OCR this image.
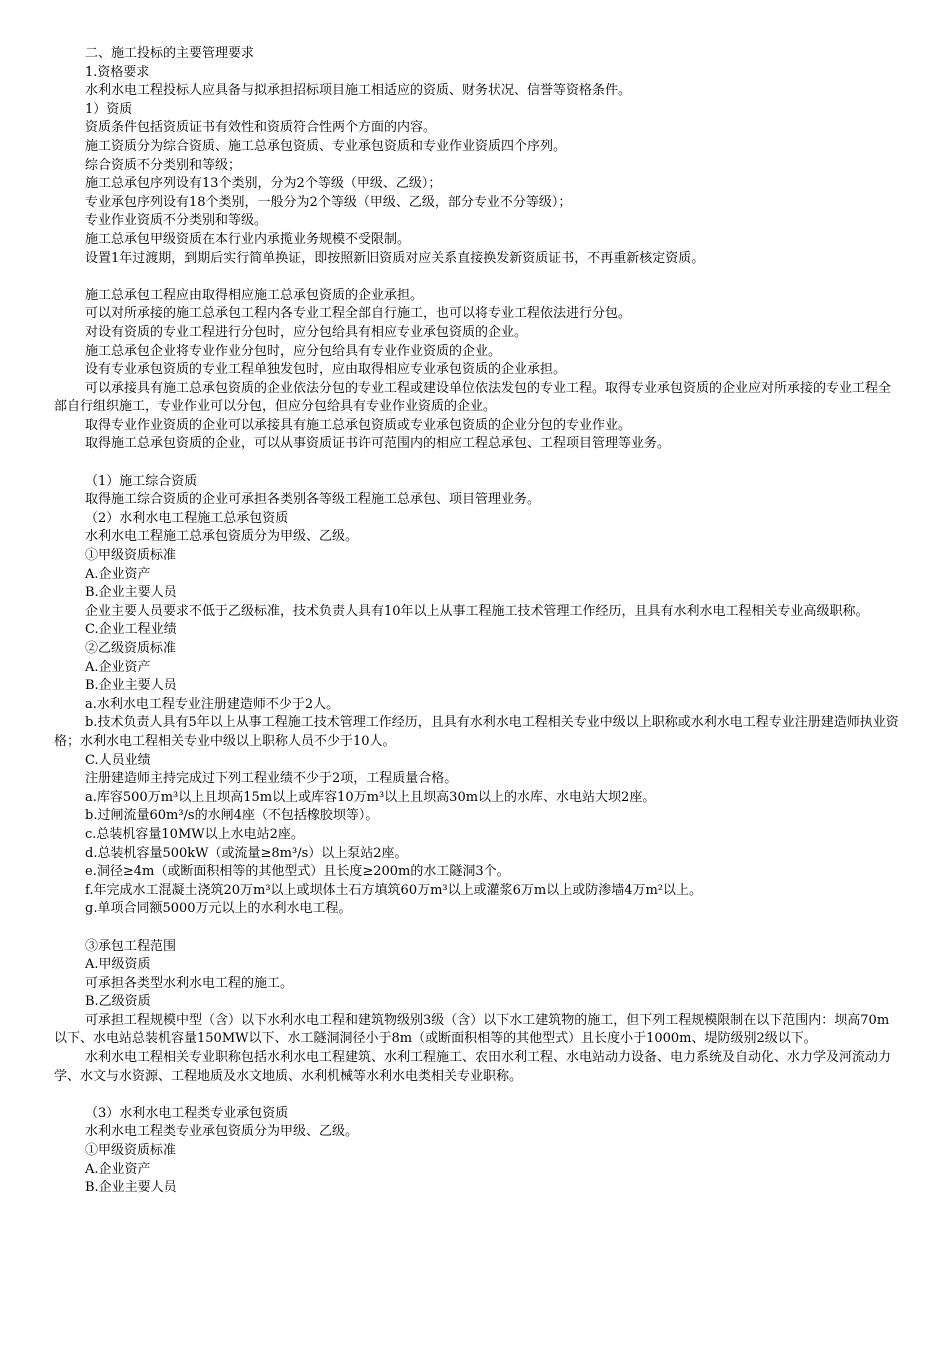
二、施工投标的主要管理要求
1.资格要求
水利水电工程投标人应具备与拟承担招标项目施工相适应的资质、财务状况、信誉等资格条件。
1）资质
资质条件包括资质证书有效性和资质符合性两个方面的内容。
施工资质分为综合资质、施工总承包资质、专业承包资质和专业作业资质四个序列。
综合资质不分类别和等级；
施工总承包序列设有13个类别，分为2个等级（甲级、乙级）；
专业承包序列设有18个类别，一般分为2个等级（甲级、乙级，部分专业不分等级）；
专业作业资质不分类别和等级。
施工总承包甲级资质在本行业内承揽业务规模不受限制。
设置1年过渡期，到期后实行简单换证，即按照新旧资质对应关系直接换发新资质证书，不再重新核定资质。
施工总承包工程应由取得相应施工总承包资质的企业承担。
可以对所承接的施工总承包工程内各专业工程全部自行施工，也可以将专业工程依法进行分包。
对设有资质的专业工程进行分包时，应分包给具有相应专业承包资质的企业。
施工总承包企业将专业作业分包时，应分包给具有专业作业资质的企业。
设有专业承包资质的专业工程单独发包时，应由取得相应专业承包资质的企业承担。
可以承接具有施工总承包资质的企业依法分包的专业工程或建设单位依法发包的专业工程。取得专业承包资质的企业应对所承接的专业工程全部自行组织施工，专业作业可以分包，但应分包给具有专业作业资质的企业。
取得专业作业资质的企业可以承接具有施工总承包资质或专业承包资质的企业分包的专业作业。
取得施工总承包资质的企业，可以从事资质证书许可范围内的相应工程总承包、工程项目管理等业务。
（1）施工综合资质
取得施工综合资质的企业可承担各类别各等级工程施工总承包、项目管理业务。
（2）水利水电工程施工总承包资质
水利水电工程施工总承包资质分为甲级、乙级。
①甲级资质标准
A.企业资产
B.企业主要人员
企业主要人员要求不低于乙级标准，技术负责人具有10年以上从事工程施工技术管理工作经历，且具有水利水电工程相关专业高级职称。
C.企业工程业绩
②乙级资质标准
A.企业资产
B.企业主要人员
a.水利水电工程专业注册建造师不少于2人。
b.技术负责人具有5年以上从事工程施工技术管理工作经历，且具有水利水电工程相关专业中级以上职称或水利水电工程专业注册建造师执业资格；水利水电工程相关专业中级以上职称人员不少于10人。
C.人员业绩
注册建造师主持完成过下列工程业绩不少于2项，工程质量合格。
a.库容500万m³以上且坝高15m以上或库容10万m³以上且坝高30m以上的水库、水电站大坝2座。
b.过闸流量60m³/s的水闸4座（不包括橡胶坝等）。
c.总装机容量10MW以上水电站2座。
d.总装机容量500kW（或流量≥8m³/s）以上泵站2座。
e.洞径≥4m（或断面积相等的其他型式）且长度≥200m的水工隧洞3个。
f.年完成水工混凝土浇筑20万m³以上或坝体土石方填筑60万m³以上或灌浆6万m以上或防渗墙4万m²以上。
g.单项合同额5000万元以上的水利水电工程。
③承包工程范围
A.甲级资质
可承担各类型水利水电工程的施工。
B.乙级资质
可承担工程规模中型（含）以下水利水电工程和建筑物级别3级（含）以下水工建筑物的施工，但下列工程规模限制在以下范围内：坝高70m以下、水电站总装机容量150MW以下、水工隧洞洞径小于8m（或断面积相等的其他型式）且长度小于1000m、堤防级别2级以下。
水利水电工程相关专业职称包括水利水电工程建筑、水利工程施工、农田水利工程、水电站动力设备、电力系统及自动化、水力学及河流动力学、水文与水资源、工程地质及水文地质、水利机械等水利水电类相关专业职称。
（3）水利水电工程类专业承包资质
水利水电工程类专业承包资质分为甲级、乙级。
①甲级资质标准
A.企业资产
B.企业主要人员
